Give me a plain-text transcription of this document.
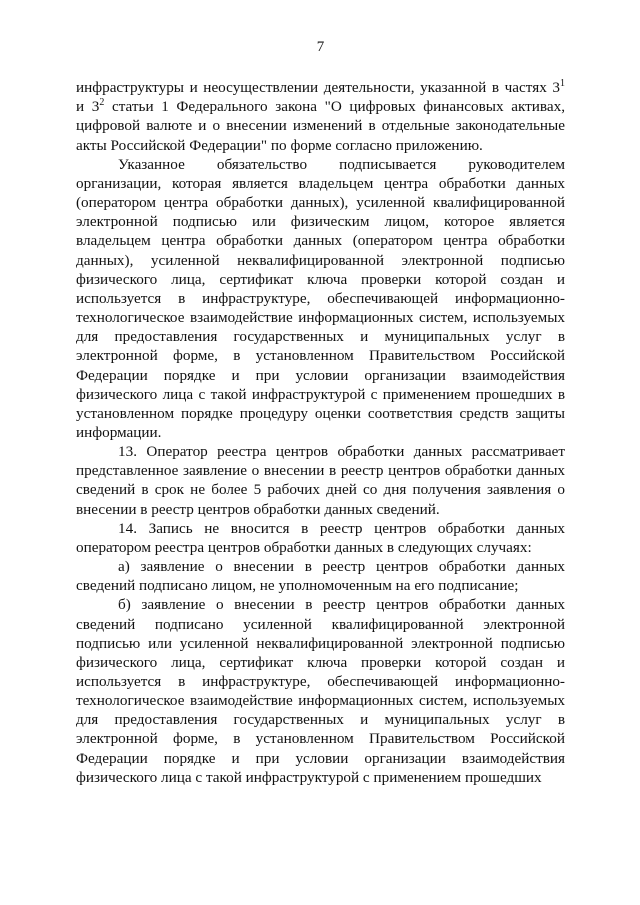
7

инфраструктуры и неосуществлении деятельности, указанной в частях $3^1$
и $3^2$ статьи 1 Федерального закона "О цифровых финансовых активах,
цифровой валюте и о внесении изменений в отдельные законодательные
акты Российской Федерации" по форме согласно приложению.

Указанное обязательство подписывается руководителем организации, которая является владельцем центра обработки данных (оператором центра обработки данных), усиленной квалифицированной электронной подписью или физическим лицом, которое является владельцем центра обработки данных (оператором центра обработки данных), усиленной неквалифицированной электронной подписью физического лица, сертификат ключа проверки которой создан и используется в инфраструктуре, обеспечивающей информационно-технологическое взаимодействие информационных систем, используемых для предоставления государственных и муниципальных услуг в электронной форме, в установленном Правительством Российской Федерации порядке и при условии организации взаимодействия физического лица с такой инфраструктурой с применением прошедших в установленном порядке процедуру оценки соответствия средств защиты информации.

13. Оператор реестра центров обработки данных рассматривает представленное заявление о внесении в реестр центров обработки данных сведений в срок не более 5 рабочих дней со дня получения заявления о внесении в реестр центров обработки данных сведений.

14. Запись не вносится в реестр центров обработки данных оператором реестра центров обработки данных в следующих случаях:

а) заявление о внесении в реестр центров обработки данных сведений подписано лицом, не уполномоченным на его подписание;

б) заявление о внесении в реестр центров обработки данных сведений подписано усиленной квалифицированной электронной подписью или усиленной неквалифицированной электронной подписью физического лица, сертификат ключа проверки которой создан и используется в инфраструктуре, обеспечивающей информационно-технологическое взаимодействие информационных систем, используемых для предоставления государственных и муниципальных услуг в электронной форме, в установленном Правительством Российской Федерации порядке и при условии организации взаимодействия физического лица с такой инфраструктурой с применением прошедших
